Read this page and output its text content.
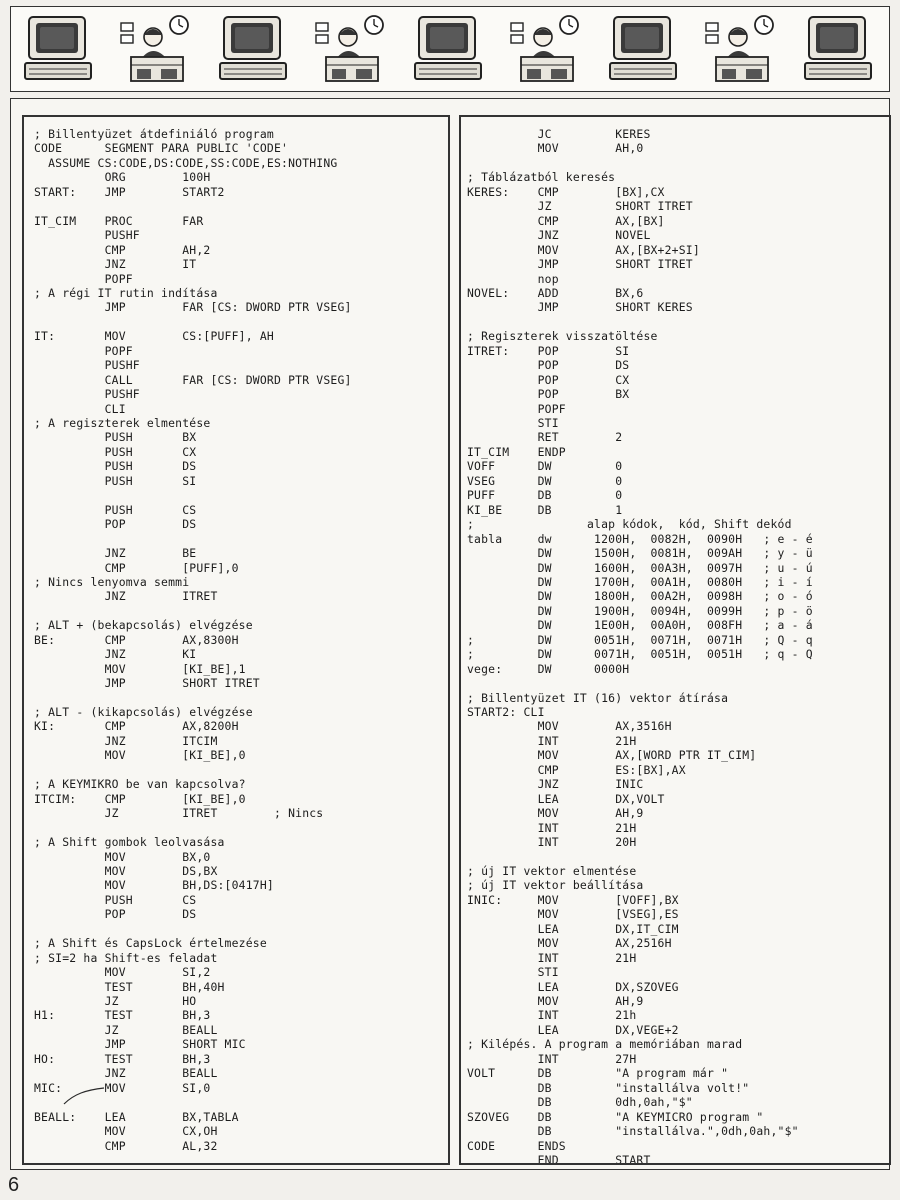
; Billentyüzet átdefiniáló program
CODE      SEGMENT PARA PUBLIC 'CODE'
ASSUME CS:CODE,DS:CODE,SS:CODE,ES:NOTHING
ORG        100H
START:    JMP        START2
IT_CIM    PROC       FAR
PUSHF
CMP        AH,2
JNZ        IT
POPF
; A régi IT rutin indítása
JMP        FAR [CS: DWORD PTR VSEG]
IT:       MOV        CS:[PUFF], AH
POPF
PUSHF
CALL       FAR [CS: DWORD PTR VSEG]
PUSHF
CLI
; A regiszterek elmentése
PUSH       BX
PUSH       CX
PUSH       DS
PUSH       SI
PUSH       CS
POP        DS
JNZ        BE
CMP        [PUFF],0
; Nincs lenyomva semmi
JNZ        ITRET
; ALT + (bekapcsolás) elvégzése
BE:       CMP        AX,8300H
JNZ        KI
MOV        [KI_BE],1
JMP        SHORT ITRET
; ALT - (kikapcsolás) elvégzése
KI:       CMP        AX,8200H
JNZ        ITCIM
MOV        [KI_BE],0
; A KEYMIKRO be van kapcsolva?
ITCIM:    CMP        [KI_BE],0
JZ         ITRET        ; Nincs
; A Shift gombok leolvasása
MOV        BX,0
MOV        DS,BX
MOV        BH,DS:[0417H]
PUSH       CS
POP        DS
; A Shift és CapsLock értelmezése
; SI=2 ha Shift-es feladat
MOV        SI,2
TEST       BH,40H
JZ         HO
H1:       TEST       BH,3
JZ         BEALL
JMP        SHORT MIC
HO:       TEST       BH,3
JNZ        BEALL
MIC:      MOV        SI,0
BEALL:    LEA        BX,TABLA
MOV        CX,OH
CMP        AL,32
JC         KERES
MOV        AH,0
; Táblázatból keresés
KERES:    CMP        [BX],CX
JZ         SHORT ITRET
CMP        AX,[BX]
JNZ        NOVEL
MOV        AX,[BX+2+SI]
JMP        SHORT ITRET
nop
NOVEL:    ADD        BX,6
JMP        SHORT KERES
; Regiszterek visszatöltése
ITRET:    POP        SI
POP        DS
POP        CX
POP        BX
POPF
STI
RET        2
IT_CIM    ENDP
VOFF      DW         0
VSEG      DW         0
PUFF      DB         0
KI_BE     DB         1
;                alap kódok,  kód, Shift dekód
tabla     dw      1200H,  0082H,  0090H   ; e - é
DW      1500H,  0081H,  009AH   ; y - ü
DW      1600H,  00A3H,  0097H   ; u - ú
DW      1700H,  00A1H,  0080H   ; i - í
DW      1800H,  00A2H,  0098H   ; o - ó
DW      1900H,  0094H,  0099H   ; p - ö
DW      1E00H,  00A0H,  008FH   ; a - á
;         DW      0051H,  0071H,  0071H   ; Q - q
;         DW      0071H,  0051H,  0051H   ; q - Q
vege:     DW      0000H
; Billentyüzet IT (16) vektor átírása
START2: CLI
MOV        AX,3516H
INT        21H
MOV        AX,[WORD PTR IT_CIM]
CMP        ES:[BX],AX
JNZ        INIC
LEA        DX,VOLT
MOV        AH,9
INT        21H
INT        20H
; új IT vektor elmentése
; új IT vektor beállítása
INIC:     MOV        [VOFF],BX
MOV        [VSEG],ES
LEA        DX,IT_CIM
MOV        AX,2516H
INT        21H
STI
LEA        DX,SZOVEG
MOV        AH,9
INT        21h
LEA        DX,VEGE+2
; Kilépés. A program a memóriában marad
INT        27H
VOLT      DB         "A program már "
DB         "installálva volt!"
DB         0dh,0ah,"$"
SZOVEG    DB         "A KEYMICRO program "
DB         "installálva.",0dh,0ah,"$"
CODE      ENDS
END        START
6
